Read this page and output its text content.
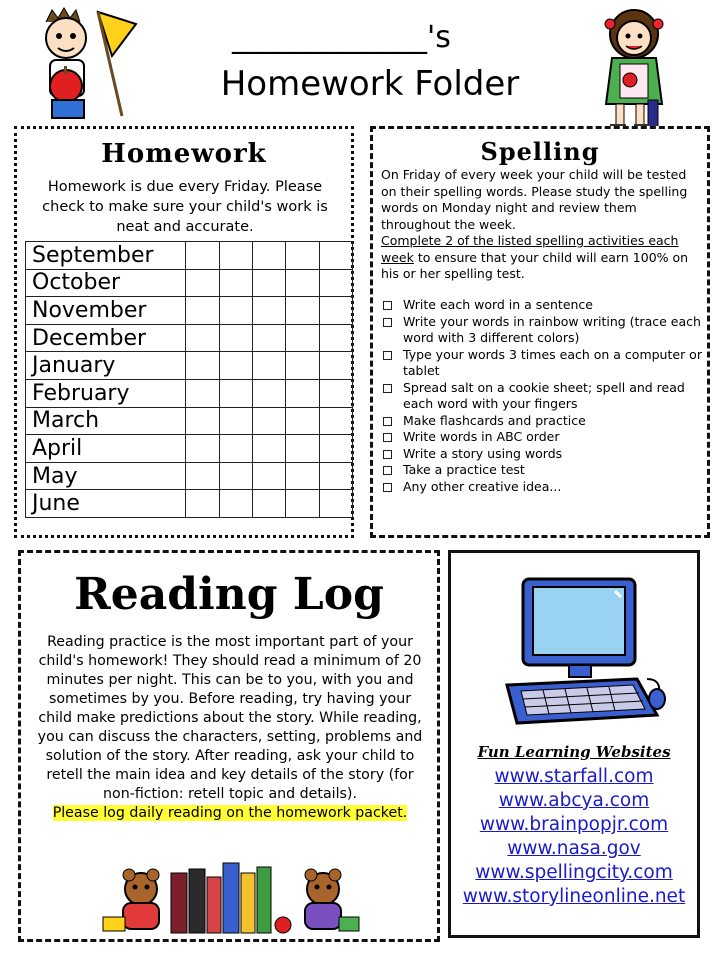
_____________'s
Homework Folder
Homework
Homework is due every Friday. Please check to make sure your child's work is neat and accurate.
September					
October					
November					
December					
January					
February					
March					
April					
May					
June					
Spelling
On Friday of every week your child will be tested on their spelling words. Please study the spelling words on Monday night and review them throughout the week.
Complete 2 of the listed spelling activities each week to ensure that your child will earn 100% on his or her spelling test.
Write each word in a sentence
Write your words in rainbow writing (trace each word with 3 different colors)
Type your words 3 times each on a computer or tablet
Spread salt on a cookie sheet; spell and read each word with your fingers
Make flashcards and practice
Write words in ABC order
Write a story using words
Take a practice test
Any other creative idea...
Reading Log
Reading practice is the most important part of your child's homework! They should read a minimum of 20 minutes per night. This can be to you, with you and sometimes by you. Before reading, try having your child make predictions about the story. While reading, you can discuss the characters, setting, problems and solution of the story. After reading, ask your child to retell the main idea and key details of the story (for non-fiction: retell topic and details).
Please log daily reading on the homework packet.
Fun Learning Websites
www.starfall.com
www.abcya.com
www.brainpopjr.com
www.nasa.gov
www.spellingcity.com
www.storylineonline.net
